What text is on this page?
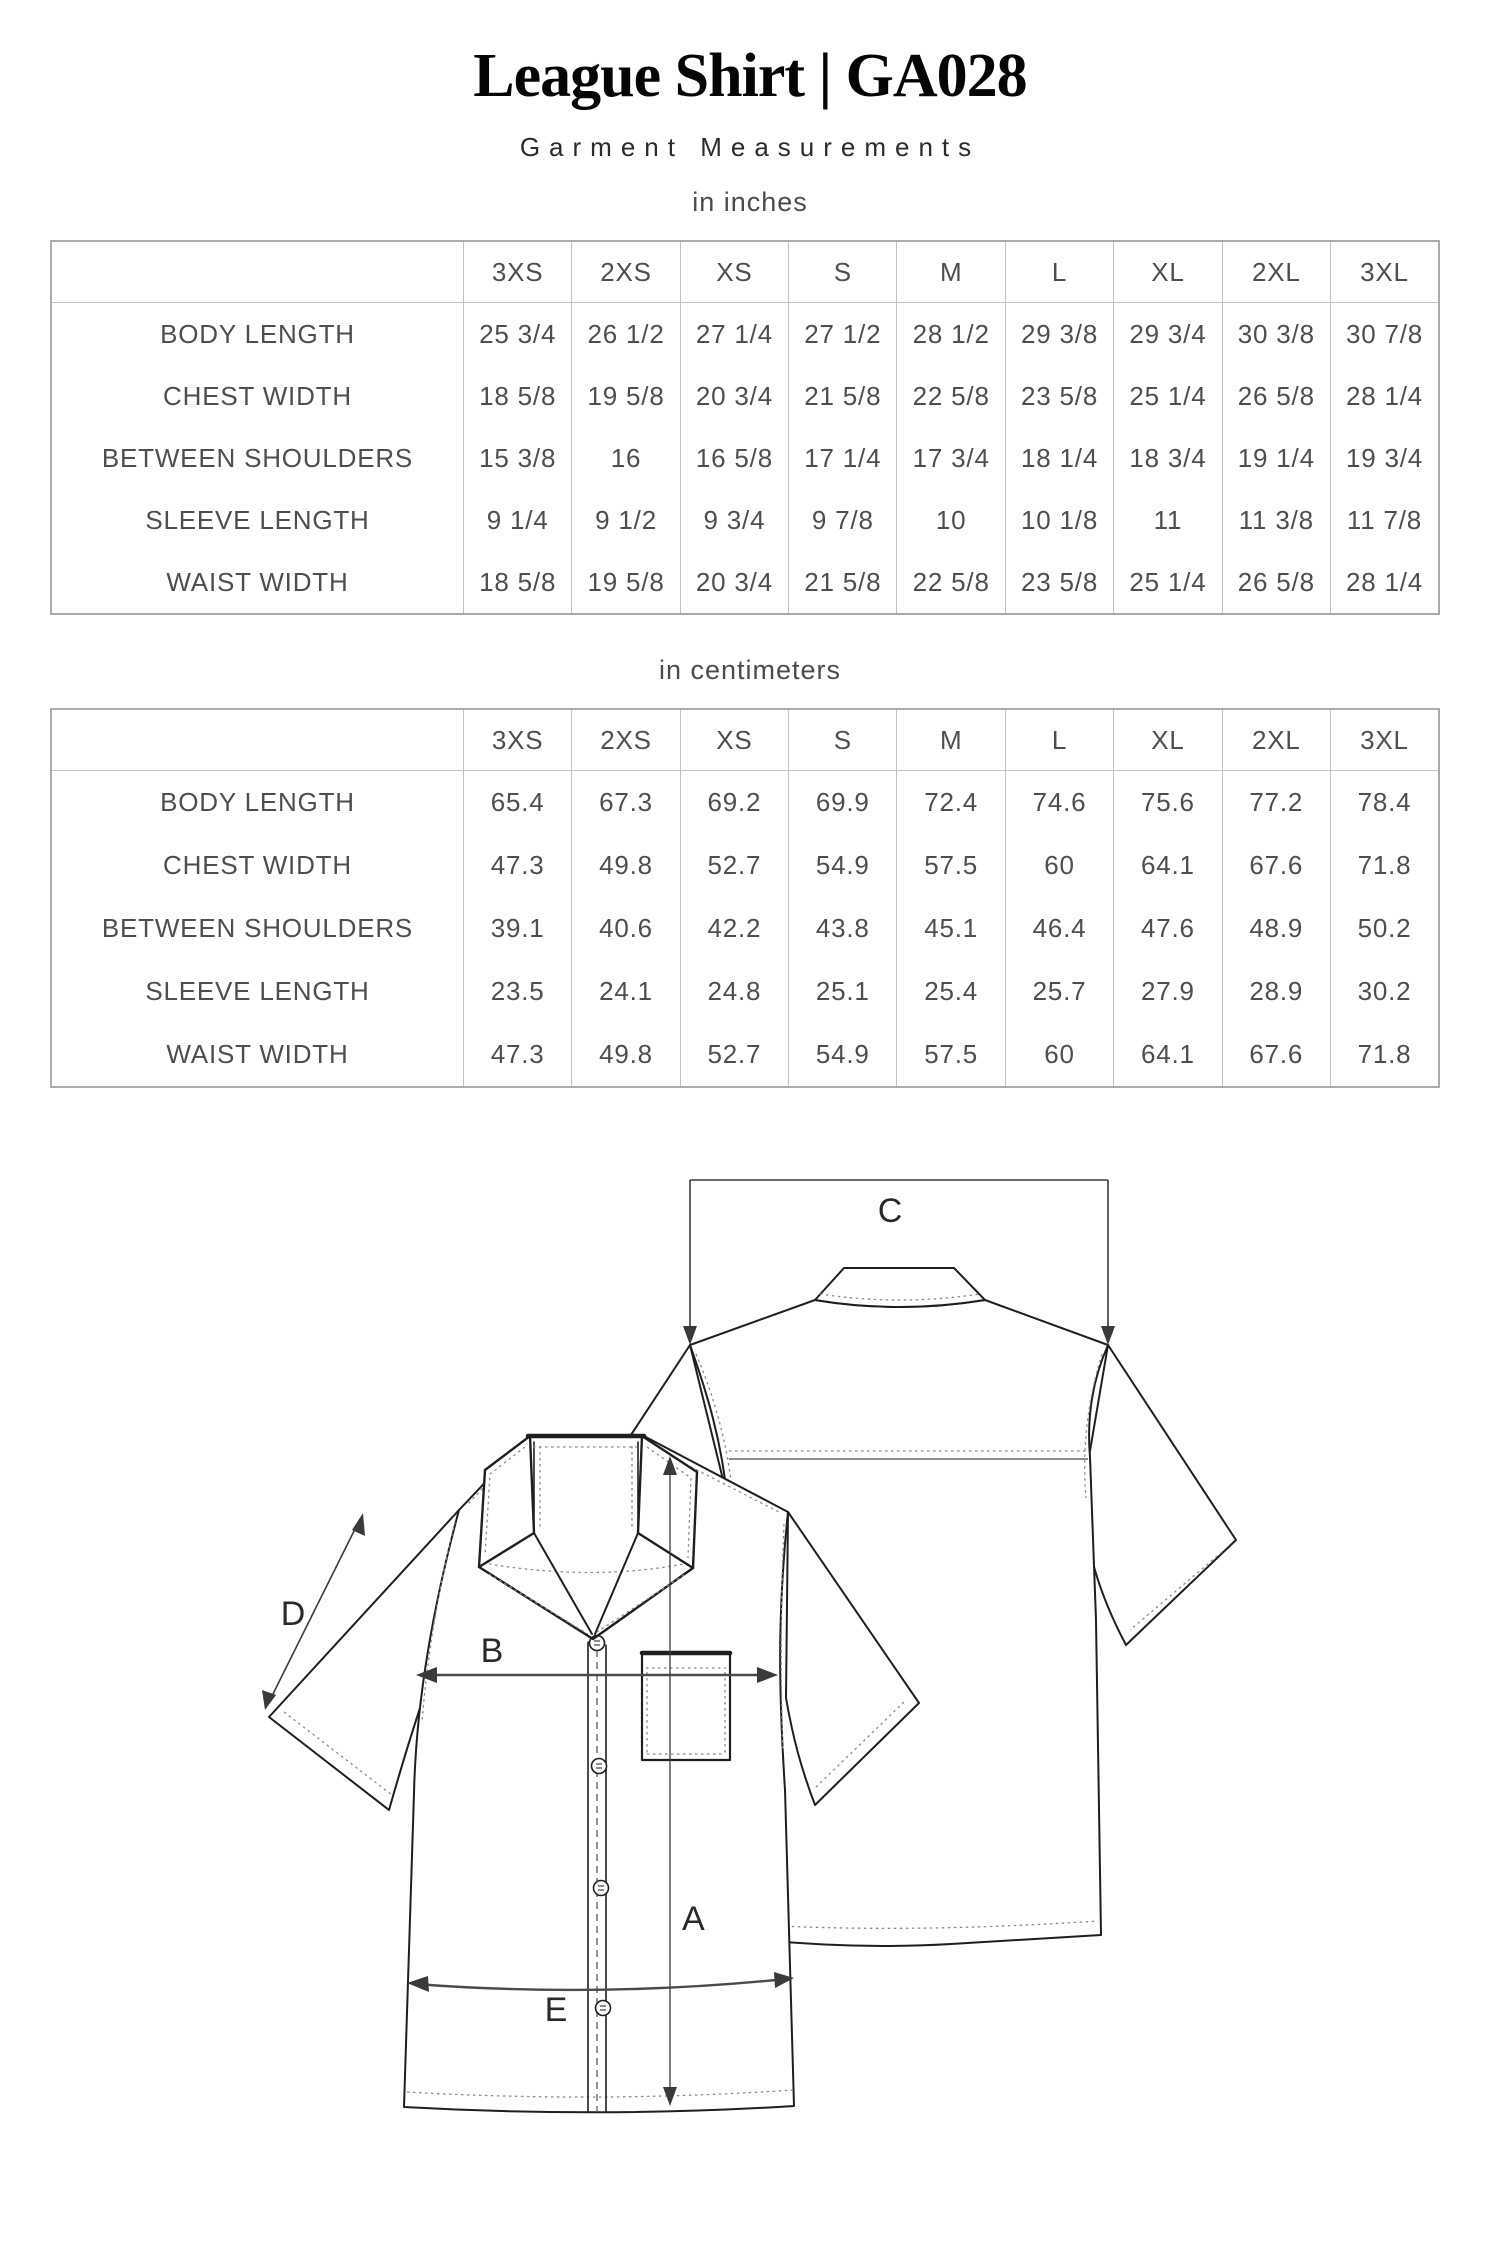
League Shirt | GA028
Garment Measurements
in inches
	3XS	2XS	XS	S	M	L	XL	2XL	3XL
BODY LENGTH	25 3/4	26 1/2	27 1/4	27 1/2	28 1/2	29 3/8	29 3/4	30 3/8	30 7/8
CHEST WIDTH	18 5/8	19 5/8	20 3/4	21 5/8	22 5/8	23 5/8	25 1/4	26 5/8	28 1/4
BETWEEN SHOULDERS	15 3/8	16	16 5/8	17 1/4	17 3/4	18 1/4	18 3/4	19 1/4	19 3/4
SLEEVE LENGTH	9 1/4	9 1/2	9 3/4	9 7/8	10	10 1/8	11	11 3/8	11 7/8
WAIST WIDTH	18 5/8	19 5/8	20 3/4	21 5/8	22 5/8	23 5/8	25 1/4	26 5/8	28 1/4
in centimeters
	3XS	2XS	XS	S	M	L	XL	2XL	3XL
BODY LENGTH	65.4	67.3	69.2	69.9	72.4	74.6	75.6	77.2	78.4
CHEST WIDTH	47.3	49.8	52.7	54.9	57.5	60	64.1	67.6	71.8
BETWEEN SHOULDERS	39.1	40.6	42.2	43.8	45.1	46.4	47.6	48.9	50.2
SLEEVE LENGTH	23.5	24.1	24.8	25.1	25.4	25.7	27.9	28.9	30.2
WAIST WIDTH	47.3	49.8	52.7	54.9	57.5	60	64.1	67.6	71.8
C
D
B
E
A
